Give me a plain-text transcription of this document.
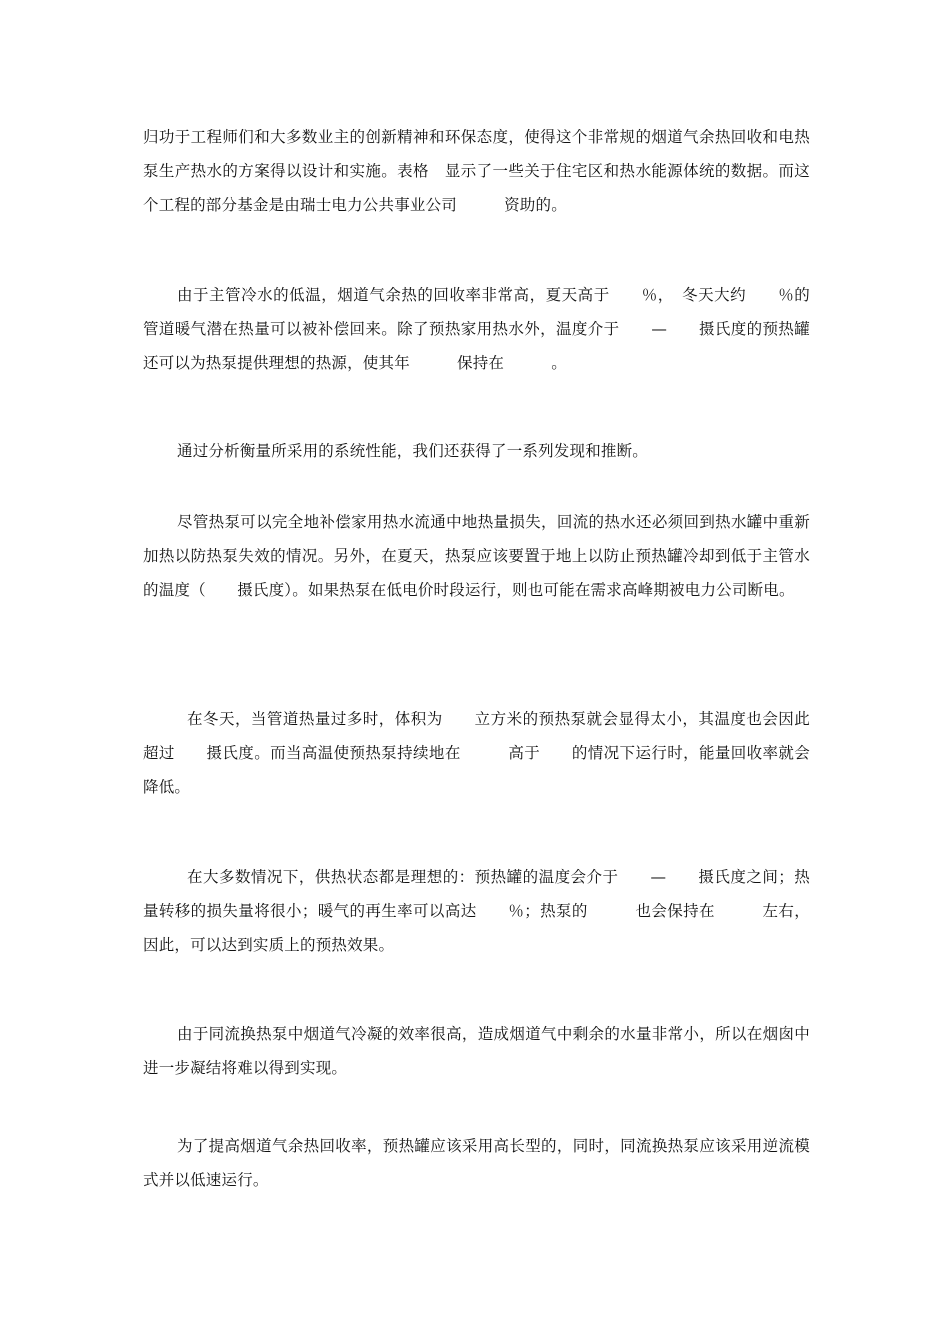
归功于工程师们和大多数业主的创新精神和环保态度，使得这个非常规的烟道气余热回收和电热泵生产热水的方案得以设计和实施。表格　显示了一些关于住宅区和热水能源体统的数据。而这个工程的部分基金是由瑞士电力公共事业公司　　　资助的。

由于主管冷水的低温，烟道气余热的回收率非常高，夏天高于　　％，　冬天大约　　％的管道暖气潜在热量可以被补偿回来。除了预热家用热水外，温度介于　　—　　摄氏度的预热罐还可以为热泵提供理想的热源，使其年　　　保持在　　　。

通过分析衡量所采用的系统性能，我们还获得了一系列发现和推断。

尽管热泵可以完全地补偿家用热水流通中地热量损失，回流的热水还必须回到热水罐中重新加热以防热泵失效的情况。另外，在夏天，热泵应该要置于地上以防止预热罐冷却到低于主管水的温度（　　摄氏度）。如果热泵在低电价时段运行，则也可能在需求高峰期被电力公司断电。

在冬天，当管道热量过多时，体积为　　立方米的预热泵就会显得太小，其温度也会因此超过　　摄氏度。而当高温使预热泵持续地在　　　高于　　的情况下运行时，能量回收率就会降低。

在大多数情况下，供热状态都是理想的：预热罐的温度会介于　　—　　摄氏度之间；热量转移的损失量将很小；暖气的再生率可以高达　　％；热泵的　　　也会保持在　　　左右，因此，可以达到实质上的预热效果。

由于同流换热泵中烟道气冷凝的效率很高，造成烟道气中剩余的水量非常小，所以在烟囱中进一步凝结将难以得到实现。

为了提高烟道气余热回收率，预热罐应该采用高长型的，同时，同流换热泵应该采用逆流模式并以低速运行。
